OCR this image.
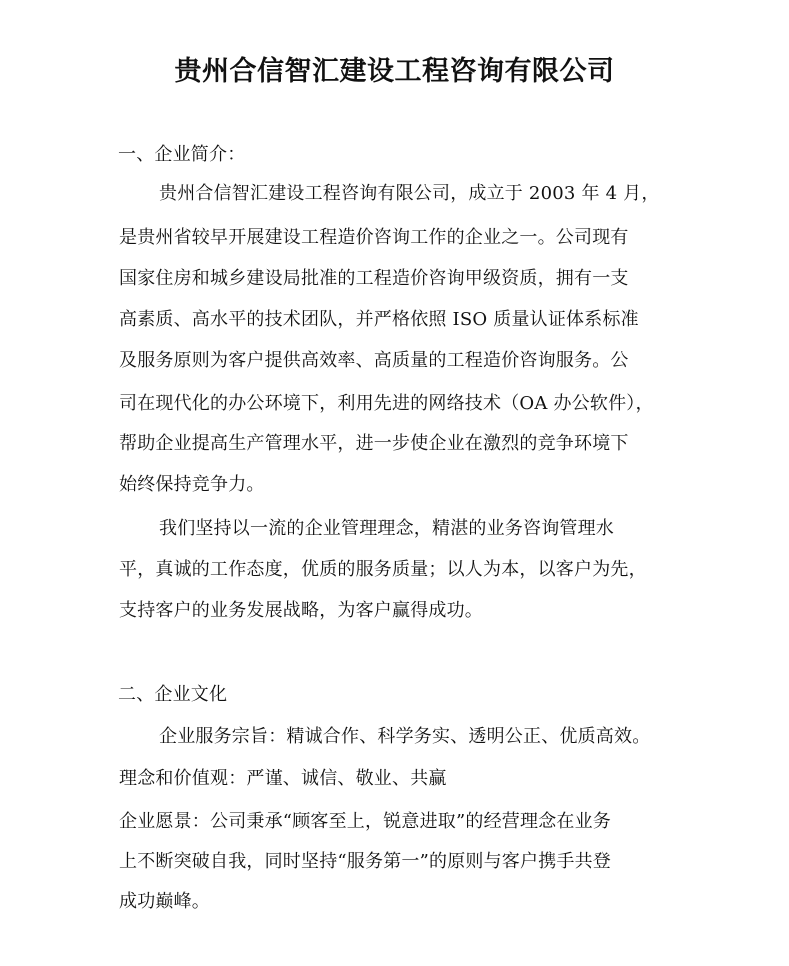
贵州合信智汇建设工程咨询有限公司
一、企业简介：
贵州合信智汇建设工程咨询有限公司，成立于 2003 年 4 月，
是贵州省较早开展建设工程造价咨询工作的企业之一。公司现有
国家住房和城乡建设局批准的工程造价咨询甲级资质，拥有一支
高素质、高水平的技术团队，并严格依照 ISO 质量认证体系标准
及服务原则为客户提供高效率、高质量的工程造价咨询服务。公
司在现代化的办公环境下，利用先进的网络技术（OA 办公软件），
帮助企业提高生产管理水平，进一步使企业在激烈的竞争环境下
始终保持竞争力。
我们坚持以一流的企业管理理念，精湛的业务咨询管理水
平，真诚的工作态度，优质的服务质量；以人为本，以客户为先，
支持客户的业务发展战略，为客户赢得成功。
二、企业文化
企业服务宗旨：精诚合作、科学务实、透明公正、优质高效。
理念和价值观：严谨、诚信、敬业、共赢
企业愿景：公司秉承“顾客至上，锐意进取”的经营理念在业务
上不断突破自我，同时坚持“服务第一”的原则与客户携手共登
成功巅峰。
